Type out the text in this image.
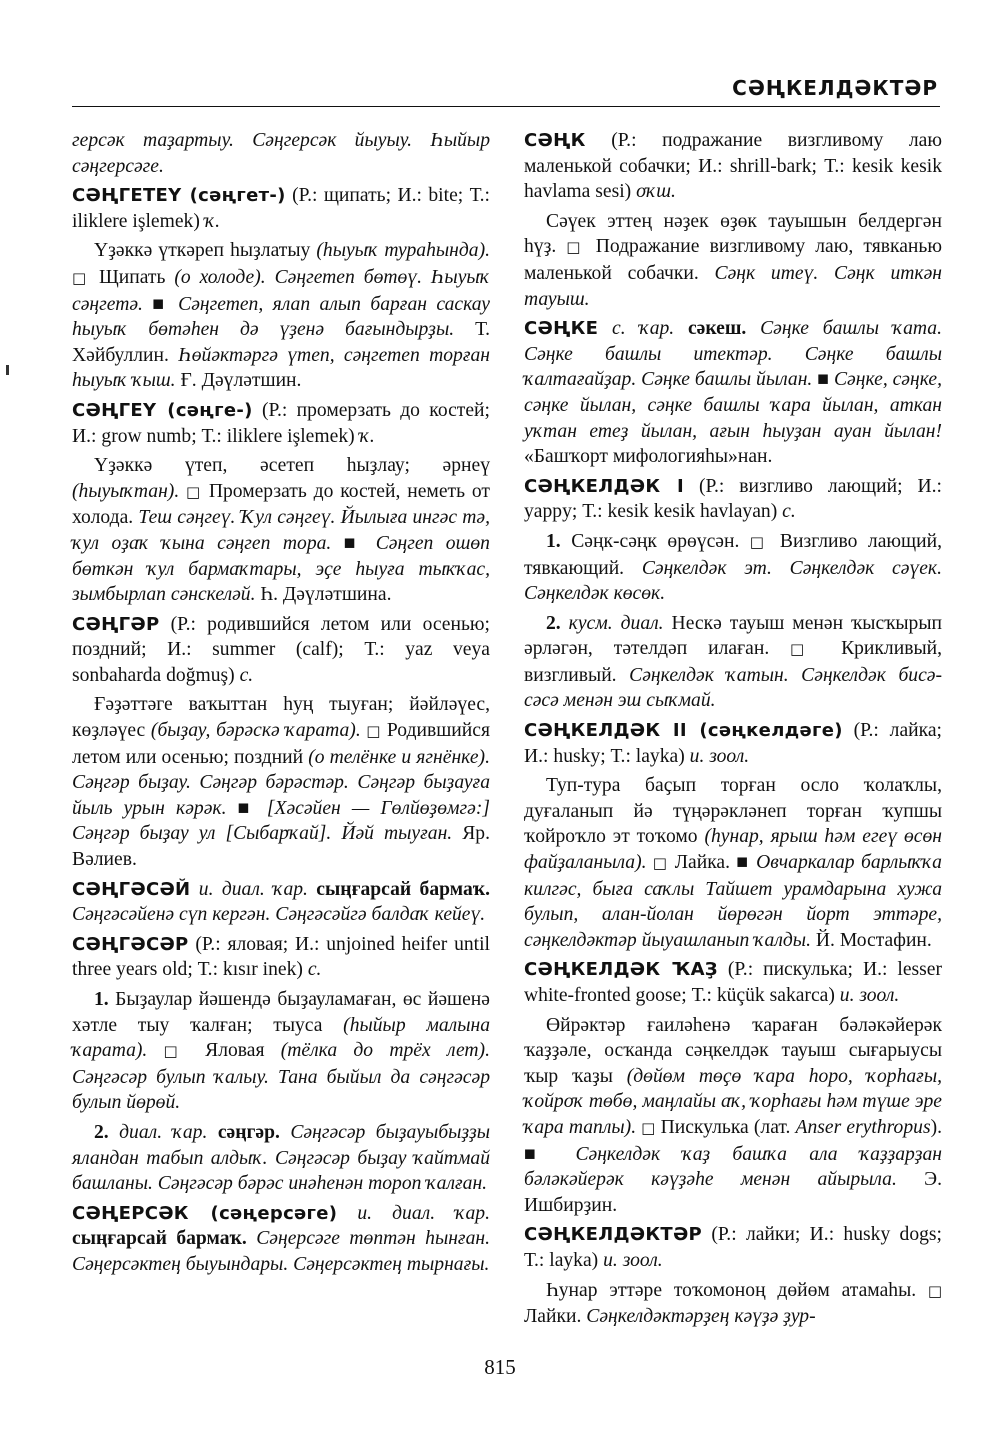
СӘҢКЕЛДӘКТӘР

герсәк таҙартыу. Сәңгерсәк йыуыу. Һыйыр сәңгерсәге.

СӘҢГЕТЕҮ (сәңгет-) (Р.: щипать; И.: bite; Т.: iliklere işlemek) ҡ.

Үҙәккә үткәреп һыҙлатыу (һыуыҡ тураһында). □ Щипать (о холоде). Сәңгетеп бөтөү. Һыуыҡ сәңгетә. ■ Сәңгетеп, ялап алып барған саскау һыуыҡ бөтәһен дә үҙенә бағындырҙы. Т. Хәйбуллин. Һөйәктәргә үтеп, сәңгетеп торған һыуыҡ ҡыш. Ғ. Дәүләтшин.

СӘҢГЕҮ (сәңге-) (Р.: промерзать до костей; И.: grow numb; Т.: iliklere işlemek) ҡ.

Үҙәккә үтеп, әсетеп һыҙлау; әрнеү (һыуыҡтан). □ Промерзать до костей, неметь от холода. Теш сәңгеү. Ҡул сәңгеү. Йылыға ингәс тә, ҡул оҙаҡ ҡына сәңгеп тора. ■ Сәңгеп ошөп бөткән ҡул бармаҡтары, эҫе һыуға тыҡҡас, зымбырлап сәнскеләй. Һ. Дәүләтшина.

СӘҢГӘР (Р.: родившийся летом или осенью; поздний; И.: summer (calf); Т.: yaz veya sonbaharda doğmuş) с.

Ғәҙәттәге ваҡыттан һуң тыуған; йәйләүес, көҙләүес (быҙау, бәрәскә ҡарата). □ Родившийся летом или осенью; поздний (о телёнке и ягнёнке). Сәңгәр быҙау. Сәңгәр бәрәстәр. Сәңгәр быҙауға йыль урын кәрәк. ■ [Хәсәйен — Гөлйөҙөмгә:] Сәңгәр быҙау ул [Сыбарҡай]. Йәй тыуған. Яр. Вәлиев.

СӘҢГӘСӘЙ и. диал. ҡар. сыңғарсай бармаҡ. Сәңгәсәйенә сүп кергән. Сәңгәсәйгә балдаҡ кейеү.

СӘҢГӘСӘР (Р.: яловая; И.: unjoined heifer until three years old; Т.: kısır inek) с.

1. Быҙаулар йәшендә быҙауламаған, өс йәшенә хәтле тыу ҡалған; тыуса (һыйыр малына ҡарата). □ Яловая (тёлка до трёх лет). Сәңгәсәр булып ҡалыу. Тана быйыл да сәңгәсәр булып йөрөй.

2. диал. ҡар. сәңгәр. Сәңгәсәр быҙаyыбыҙҙы яландан табып алдыҡ. Сәңгәсәр быҙау ҡайтмай башланы. Сәңгәсәр бәрәс инәһенән тороп ҡалған.

СӘҢЕРСӘК (сәңерсәге) и. диал. ҡар. сыңғарсай бармаҡ. Сәңерсәге төптән һынған. Сәңерсәктең быуындары. Сәңерсәктең тырнағы.

СӘҢК (Р.: подражание визгливому лаю маленькой собачки; И.: shrill-bark; Т.: kesik kesik havlama sesi) оҡш.

Сәүек эттең нәҙек өҙөк тауышын белдергән һүҙ. □ Подражание визгливому лаю, тявканью маленькой собачки. Сәңк итеү. Сәңк иткән тауыш.

СӘҢКЕ с. ҡар. сәкеш. Сәңке башлы ҡата. Сәңке башлы итектәр. Сәңке башлы ҡалтағайҙар. Сәңке башлы йылан. ■ Сәңке, сәңке, сәңке йылан, сәңке башлы ҡара йылан, аткан уҡтан етеҙ йылан, ағын һыуҙан ауан йылан! «Башҡорт мифологияһы»нан.

СӘҢКЕЛДӘК I (Р.: визгливо лающий; И.: yappy; Т.: kesik kesik havlayan) с.

1. Сәңк-сәңк өрөүсән. □ Визгливо лающий, тявкающий. Сәңкелдәк эт. Сәңкелдәк сәүек. Сәңкелдәк көсөк.

2. кусм. диал. Нескә тауыш менән ҡысҡырып әрләгән, тәтелдәп илаған. □ Крикливый, визгливый. Сәңкелдәк ҡатын. Сәңкелдәк бисә-сәсә менән эш сыҡмай.

СӘҢКЕЛДӘК II (сәңкелдәге) (Р.: лайка; И.: husky; Т.: layka) и. зоол.

Туп-тура баҫып торған осло ҡолаҡлы, дуғаланып йә түңәрәкләнеп торған ҡупшы ҡойроҡло эт тоҡомо (һунар, ярыш һәм егеү өсөн файҙаланыла). □ Лайка. ■ Овчаркалар барлыҡҡа килгәс, быға саҡлы Тайшет урамдарына хужа булып, алан-йолан йөрөгән йорт эттәре, сәңкелдәктәр йыуашланып ҡалды. Й. Мостафин.

СӘҢКЕЛДӘК ҠАҘ (Р.: пискулька; И.: lesser white-fronted goose; Т.: küçük sakarca) и. зоол.

Өйрәктәр ғаиләһенә ҡараған бәләкәйерәк ҡаҙҙәле, осҡанда сәңкелдәк тауыш сығарыусы ҡыр ҡаҙы (дөйөм төҫө ҡара һоро, ҡорһағы, ҡойроҡ төбө, маңлайы аҡ, ҡорһағы һәм түше эре ҡара таплы). □ Пискулька (лат. Anser erythropus). ■ Сәңкелдәк ҡаҙ башҡа ала ҡаҙҙарҙан бәләкәйерәк кәүҙәһе менән айырыла. Э. Ишбирҙин.

СӘҢКЕЛДӘКТӘР (Р.: лайки; И.: husky dogs; Т.: layka) и. зоол.

Һунар эттәре тоҡомонoң дөйөм атамаһы. □ Лайки. Сәңкелдәктәрҙең кәүҙә ҙур-

815
